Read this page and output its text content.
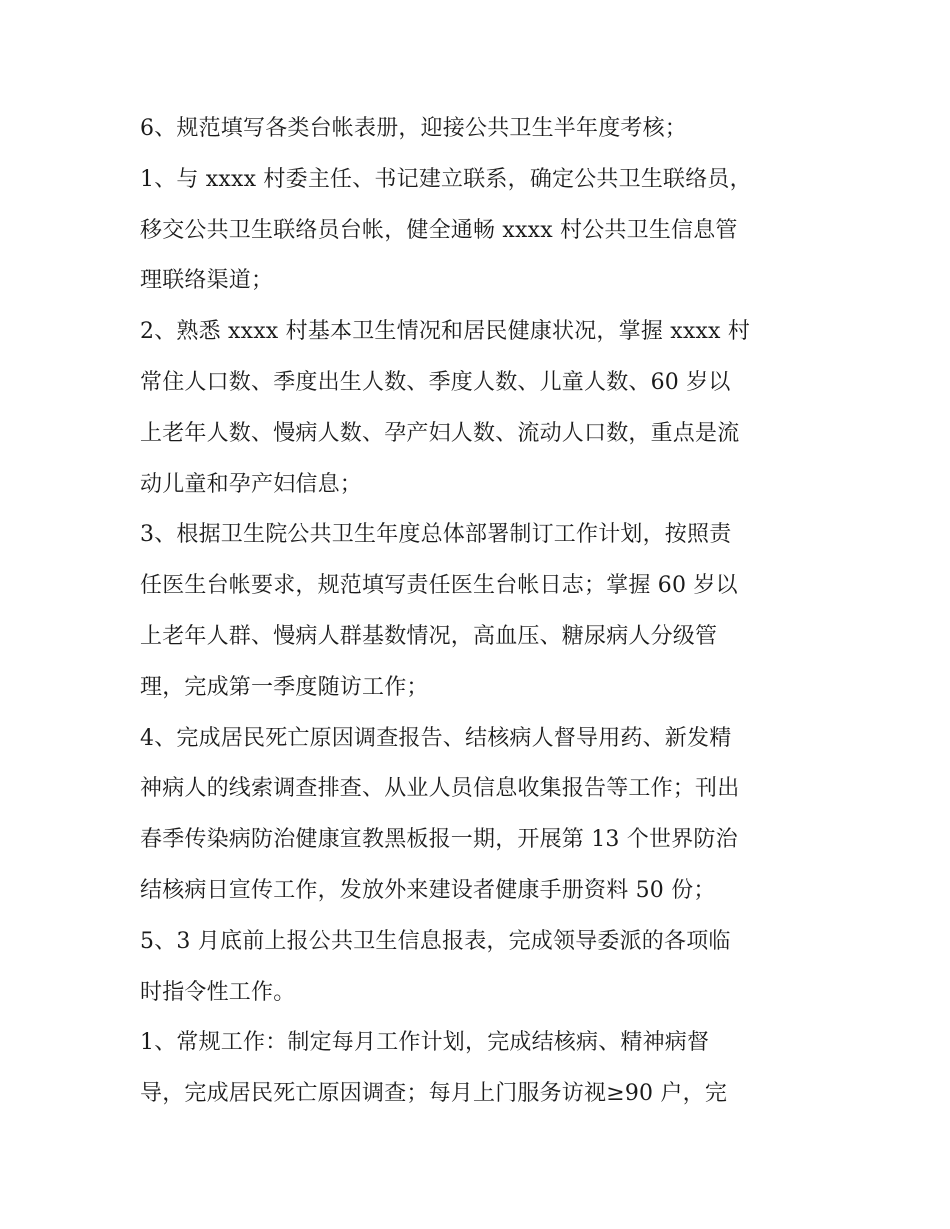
6、规范填写各类台帐表册，迎接公共卫生半年度考核；
1、与 xxxx 村委主任、书记建立联系，确定公共卫生联络员，
移交公共卫生联络员台帐，健全通畅 xxxx 村公共卫生信息管
理联络渠道；
2、熟悉 xxxx 村基本卫生情况和居民健康状况，掌握 xxxx 村
常住人口数、季度出生人数、季度人数、儿童人数、60 岁以
上老年人数、慢病人数、孕产妇人数、流动人口数，重点是流
动儿童和孕产妇信息；
3、根据卫生院公共卫生年度总体部署制订工作计划，按照责
任医生台帐要求，规范填写责任医生台帐日志；掌握 60 岁以
上老年人群、慢病人群基数情况，高血压、糖尿病人分级管
理，完成第一季度随访工作；
4、完成居民死亡原因调查报告、结核病人督导用药、新发精
神病人的线索调查排查、从业人员信息收集报告等工作；刊出
春季传染病防治健康宣教黑板报一期，开展第 13 个世界防治
结核病日宣传工作，发放外来建设者健康手册资料 50 份；
5、3 月底前上报公共卫生信息报表，完成领导委派的各项临
时指令性工作。
1、常规工作：制定每月工作计划，完成结核病、精神病督
导，完成居民死亡原因调查；每月上门服务访视≥90 户，完
